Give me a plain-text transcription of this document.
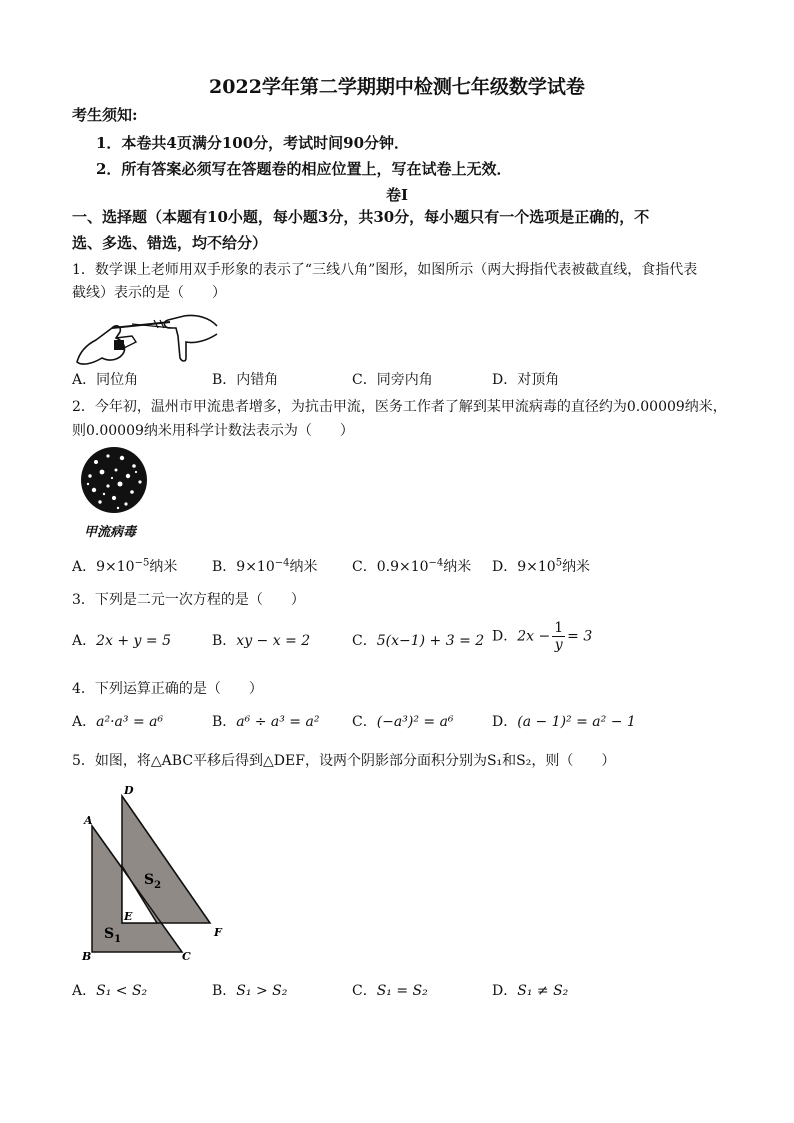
2022学年第二学期期中检测七年级数学试卷
考生须知:
1．本卷共4页满分100分，考试时间90分钟．
2．所有答案必须写在答题卷的相应位置上，写在试卷上无效．
卷I
一、选择题（本题有10小题，每小题3分，共30分，每小题只有一个选项是正确的，不
选、多选、错选，均不给分）
1．数学课上老师用双手形象的表示了“三线八角”图形，如图所示（两大拇指代表被截直线，食指代表
截线）表示的是（　　）
A．同位角	B．内错角	C．同旁内角	D．对顶角
2．今年初，温州市甲流患者增多，为抗击甲流，医务工作者了解到某甲流病毒的直径约为0.00009纳米，
则0.00009纳米用科学计数法表示为（　　）
甲流病毒
A．$9\times 10^{-5}$纳米 B．$9\times 10^{-4}$纳米 C．$0.9\times 10^{-4}$纳米 D．$9\times 10^5$纳米
3．下列是二元一次方程的是（　　）
A．2x + y = 5	B．xy − x = 2	C．5(x−1) + 3 = 2 D．$2x - \frac{1}{y} = 3$
4．下列运算正确的是（　　）
A．a²·a³ = a⁶	B．a⁶ ÷ a³ = a² C．(−a³)² = a⁶	D．(a − 1)² = a² − 1
5．如图，将△ABC平移后得到△DEF，设两个阴影部分面积分别为S₁和S₂，则（　　）
A
D
E
F
B	C
$S_2$
$S_1$
A．S₁ < S₂	B．S₁ > S₂	C．S₁ = S₂	D．S₁ ≠ S₂
